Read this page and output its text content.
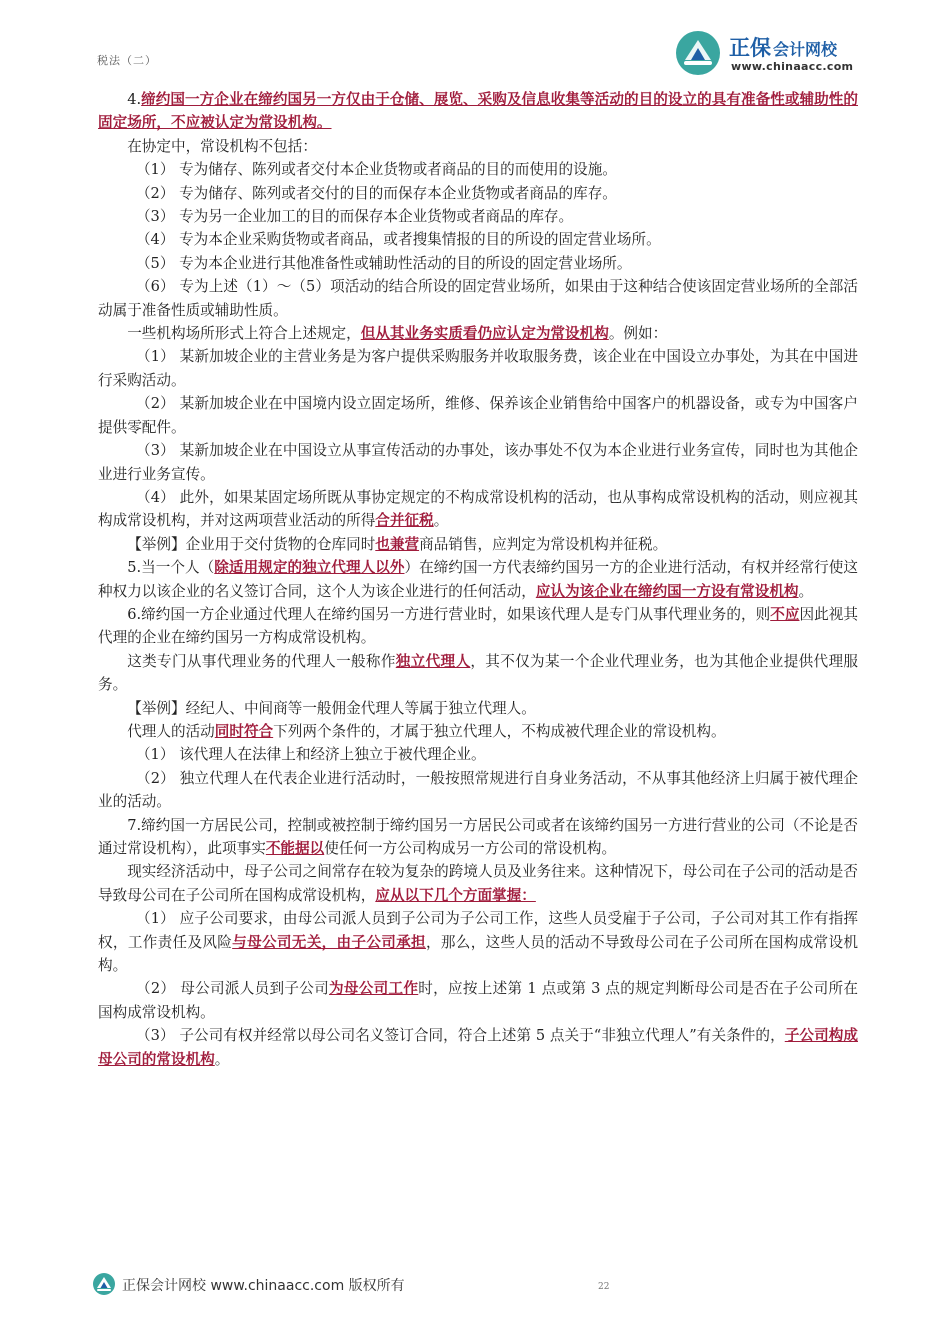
税法（二）
正保 会计网校
www.chinaacc.com

4.缔约国一方企业在缔约国另一方仅由于仓储、展览、采购及信息收集等活动的目的设立的具有准备性或辅助性的固定场所，不应被认定为常设机构。

在协定中，常设机构不包括：

（1） 专为储存、陈列或者交付本企业货物或者商品的目的而使用的设施。

（2） 专为储存、陈列或者交付的目的而保存本企业货物或者商品的库存。

（3） 专为另一企业加工的目的而保存本企业货物或者商品的库存。

（4） 专为本企业采购货物或者商品，或者搜集情报的目的所设的固定营业场所。

（5） 专为本企业进行其他准备性或辅助性活动的目的所设的固定营业场所。

（6） 专为上述（1）～（5）项活动的结合所设的固定营业场所，如果由于这种结合使该固定营业场所的全部活动属于准备性质或辅助性质。

一些机构场所形式上符合上述规定，但从其业务实质看仍应认定为常设机构。例如：

（1） 某新加坡企业的主营业务是为客户提供采购服务并收取服务费，该企业在中国设立办事处，为其在中国进行采购活动。

（2） 某新加坡企业在中国境内设立固定场所，维修、保养该企业销售给中国客户的机器设备，或专为中国客户提供零配件。

（3） 某新加坡企业在中国设立从事宣传活动的办事处，该办事处不仅为本企业进行业务宣传，同时也为其他企业进行业务宣传。

（4） 此外，如果某固定场所既从事协定规定的不构成常设机构的活动，也从事构成常设机构的活动，则应视其构成常设机构，并对这两项营业活动的所得合并征税。

【举例】企业用于交付货物的仓库同时也兼营商品销售，应判定为常设机构并征税。

5.当一个人（除适用规定的独立代理人以外）在缔约国一方代表缔约国另一方的企业进行活动，有权并经常行使这种权力以该企业的名义签订合同，这个人为该企业进行的任何活动，应认为该企业在缔约国一方设有常设机构。

6.缔约国一方企业通过代理人在缔约国另一方进行营业时，如果该代理人是专门从事代理业务的，则不应因此视其代理的企业在缔约国另一方构成常设机构。

这类专门从事代理业务的代理人一般称作独立代理人，其不仅为某一个企业代理业务，也为其他企业提供代理服务。

【举例】经纪人、中间商等一般佣金代理人等属于独立代理人。

代理人的活动同时符合下列两个条件的，才属于独立代理人，不构成被代理企业的常设机构。

（1） 该代理人在法律上和经济上独立于被代理企业。

（2） 独立代理人在代表企业进行活动时，一般按照常规进行自身业务活动，不从事其他经济上归属于被代理企业的活动。

7.缔约国一方居民公司，控制或被控制于缔约国另一方居民公司或者在该缔约国另一方进行营业的公司（不论是否通过常设机构），此项事实不能据以使任何一方公司构成另一方公司的常设机构。

现实经济活动中，母子公司之间常存在较为复杂的跨境人员及业务往来。这种情况下，母公司在子公司的活动是否导致母公司在子公司所在国构成常设机构，应从以下几个方面掌握：

（1） 应子公司要求，由母公司派人员到子公司为子公司工作，这些人员受雇于子公司，子公司对其工作有指挥权，工作责任及风险与母公司无关，由子公司承担，那么，这些人员的活动不导致母公司在子公司所在国构成常设机构。

（2） 母公司派人员到子公司为母公司工作时，应按上述第 1 点或第 3 点的规定判断母公司是否在子公司所在国构成常设机构。

（3） 子公司有权并经常以母公司名义签订合同，符合上述第 5 点关于“非独立代理人”有关条件的，子公司构成母公司的常设机构。

正保会计网校 www.chinaacc.com 版权所有	22
